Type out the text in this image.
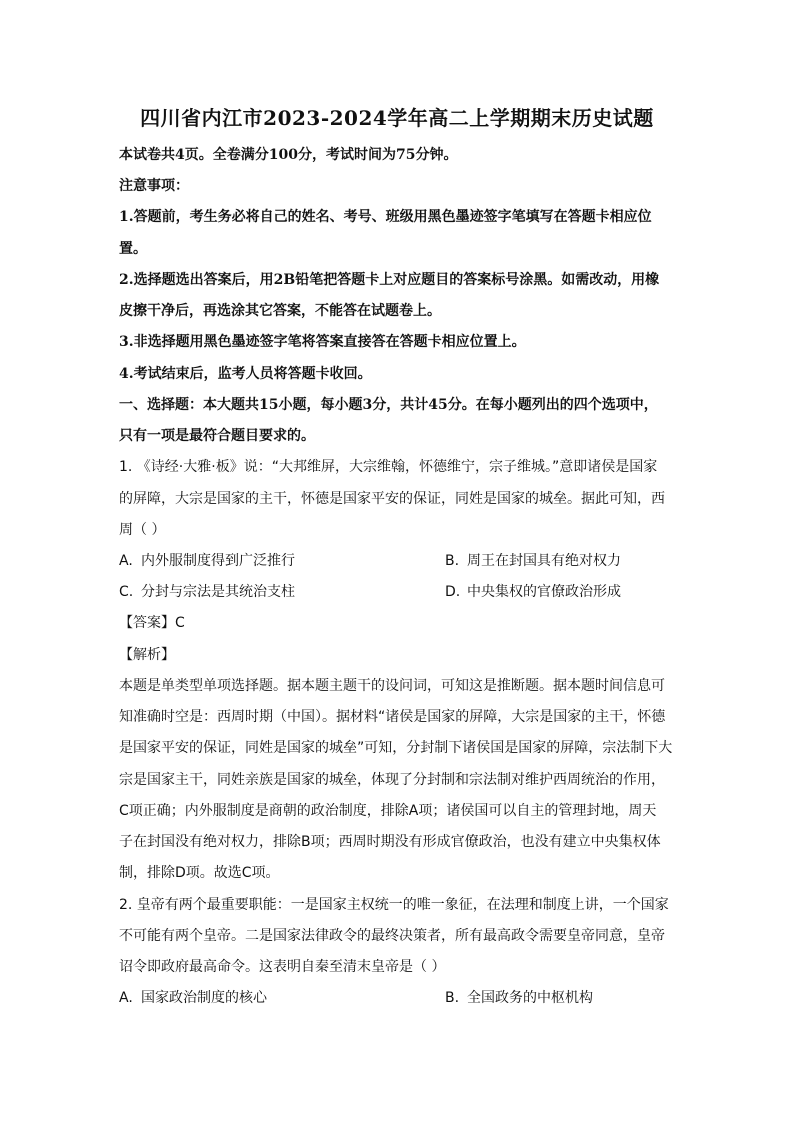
四川省内江市2023-2024学年高二上学期期末历史试题
本试卷共4页。全卷满分100分，考试时间为75分钟。
注意事项：
1.答题前，考生务必将自己的姓名、考号、班级用黑色墨迹签字笔填写在答题卡相应位
置。
2.选择题选出答案后，用2B铅笔把答题卡上对应题目的答案标号涂黑。如需改动，用橡
皮擦干净后，再选涂其它答案，不能答在试题卷上。
3.非选择题用黑色墨迹签字笔将答案直接答在答题卡相应位置上。
4.考试结束后，监考人员将答题卡收回。
一、选择题：本大题共15小题，每小题3分，共计45分。在每小题列出的四个选项中，
只有一项是最符合题目要求的。
1. 《诗经·大雅·板》说：“大邦维屏，大宗维翰，怀德维宁，宗子维城。”意即诸侯是国家
的屏障，大宗是国家的主干，怀德是国家平安的保证，同姓是国家的城垒。据此可知，西
周（ ）
A. 内外服制度得到广泛推行	B. 周王在封国具有绝对权力
C. 分封与宗法是其统治支柱	D. 中央集权的官僚政治形成
【答案】C
【解析】
本题是单类型单项选择题。据本题主题干的设问词，可知这是推断题。据本题时间信息可
知准确时空是：西周时期（中国）。据材料“诸侯是国家的屏障，大宗是国家的主干，怀德
是国家平安的保证，同姓是国家的城垒”可知，分封制下诸侯国是国家的屏障，宗法制下大
宗是国家主干，同姓亲族是国家的城垒，体现了分封制和宗法制对维护西周统治的作用，
C项正确；内外服制度是商朝的政治制度，排除A项；诸侯国可以自主的管理封地，周天
子在封国没有绝对权力，排除B项；西周时期没有形成官僚政治，也没有建立中央集权体
制，排除D项。故选C项。
2. 皇帝有两个最重要职能：一是国家主权统一的唯一象征，在法理和制度上讲，一个国家
不可能有两个皇帝。二是国家法律政令的最终决策者，所有最高政令需要皇帝同意，皇帝
诏令即政府最高命令。这表明自秦至清末皇帝是（ ）
A. 国家政治制度的核心	B. 全国政务的中枢机构
